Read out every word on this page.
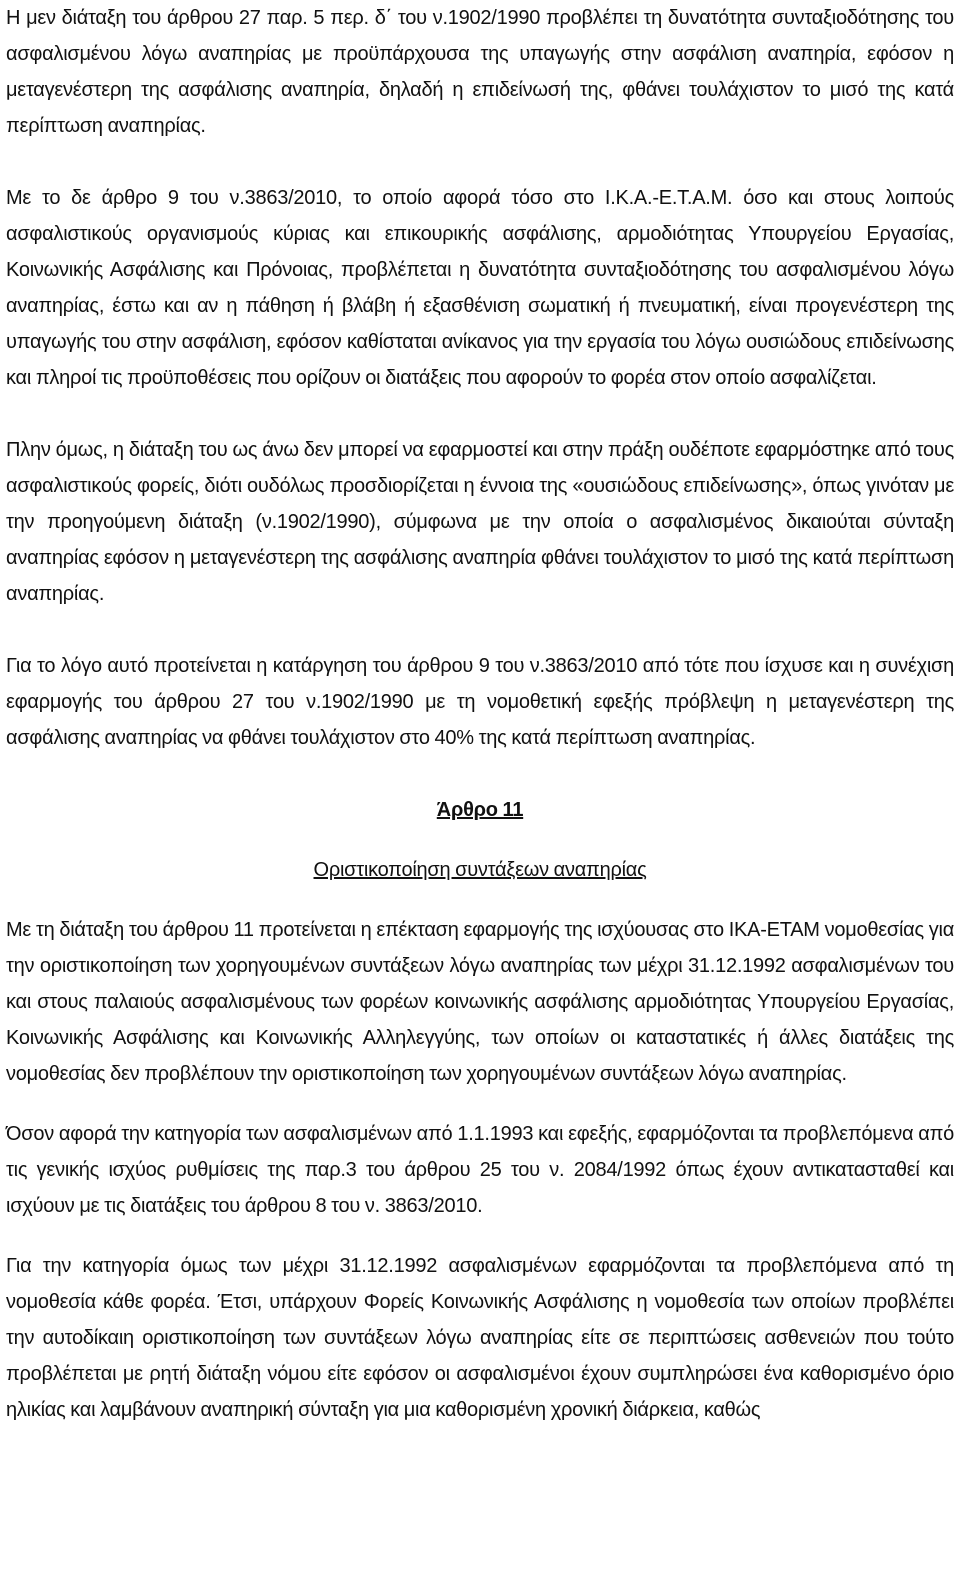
Η μεν διάταξη του άρθρου 27 παρ. 5 περ. δ΄ του ν.1902/1990 προβλέπει τη δυνατότητα συνταξιοδότησης του ασφαλισμένου λόγω αναπηρίας με προϋπάρχουσα της υπαγωγής στην ασφάλιση αναπηρία, εφόσον η μεταγενέστερη της ασφάλισης αναπηρία, δηλαδή η επιδείνωσή της, φθάνει τουλάχιστον το μισό της κατά περίπτωση αναπηρίας.

Με το δε άρθρο 9 του ν.3863/2010, το οποίο αφορά τόσο στο Ι.Κ.Α.-Ε.Τ.Α.Μ. όσο και στους λοιπούς ασφαλιστικούς οργανισμούς κύριας και επικουρικής ασφάλισης, αρμοδιότητας Υπουργείου Εργασίας, Κοινωνικής Ασφάλισης και Πρόνοιας, προβλέπεται η δυνατότητα συνταξιοδότησης του ασφαλισμένου λόγω αναπηρίας, έστω και αν η πάθηση ή βλάβη ή εξασθένιση σωματική ή πνευματική, είναι προγενέστερη της υπαγωγής του στην ασφάλιση, εφόσον καθίσταται ανίκανος για την εργασία του λόγω ουσιώδους επιδείνωσης και πληροί τις προϋποθέσεις που ορίζουν οι διατάξεις που αφορούν το φορέα στον οποίο ασφαλίζεται.

Πλην όμως, η διάταξη του ως άνω δεν μπορεί να εφαρμοστεί και στην πράξη ουδέποτε εφαρμόστηκε από τους ασφαλιστικούς φορείς, διότι ουδόλως προσδιορίζεται η έννοια της «ουσιώδους επιδείνωσης», όπως γινόταν με την προηγούμενη διάταξη (ν.1902/1990), σύμφωνα με την οποία ο ασφαλισμένος δικαιούται σύνταξη αναπηρίας εφόσον η μεταγενέστερη της ασφάλισης αναπηρία φθάνει τουλάχιστον το μισό της κατά περίπτωση αναπηρίας.

Για το λόγο αυτό προτείνεται η κατάργηση του άρθρου 9 του ν.3863/2010 από τότε που ίσχυσε και η συνέχιση εφαρμογής του άρθρου 27 του ν.1902/1990 με τη νομοθετική εφεξής πρόβλεψη η μεταγενέστερη της ασφάλισης αναπηρίας να φθάνει τουλάχιστον στο 40% της κατά περίπτωση αναπηρίας.

Άρθρο 11

Οριστικοποίηση συντάξεων αναπηρίας

Με τη διάταξη του άρθρου 11 προτείνεται η επέκταση εφαρμογής της ισχύουσας στο ΙΚΑ-ΕΤΑΜ νομοθεσίας για την οριστικοποίηση των χορηγουμένων συντάξεων λόγω αναπηρίας των μέχρι 31.12.1992 ασφαλισμένων του και στους παλαιούς ασφαλισμένους των φορέων κοινωνικής ασφάλισης αρμοδιότητας Υπουργείου Εργασίας, Κοινωνικής Ασφάλισης και Κοινωνικής Αλληλεγγύης, των οποίων οι καταστατικές ή άλλες διατάξεις της νομοθεσίας δεν προβλέπουν την οριστικοποίηση των χορηγουμένων συντάξεων λόγω αναπηρίας.

Όσον αφορά την κατηγορία των ασφαλισμένων από 1.1.1993 και εφεξής, εφαρμόζονται τα προβλεπόμενα από τις γενικής ισχύος ρυθμίσεις της παρ.3 του άρθρου 25 του ν. 2084/1992 όπως έχουν αντικατασταθεί και ισχύουν με τις διατάξεις του άρθρου 8 του ν. 3863/2010.

Για την κατηγορία όμως των μέχρι 31.12.1992 ασφαλισμένων εφαρμόζονται τα προβλεπόμενα από τη νομοθεσία κάθε φορέα. Έτσι, υπάρχουν Φορείς Κοινωνικής Ασφάλισης η νομοθεσία των οποίων προβλέπει την αυτοδίκαιη οριστικοποίηση των συντάξεων λόγω αναπηρίας είτε σε περιπτώσεις ασθενειών που τούτο προβλέπεται με ρητή διάταξη νόμου είτε εφόσον οι ασφαλισμένοι έχουν συμπληρώσει ένα καθορισμένο όριο ηλικίας και λαμβάνουν αναπηρική σύνταξη για μια καθορισμένη χρονική διάρκεια, καθώς
